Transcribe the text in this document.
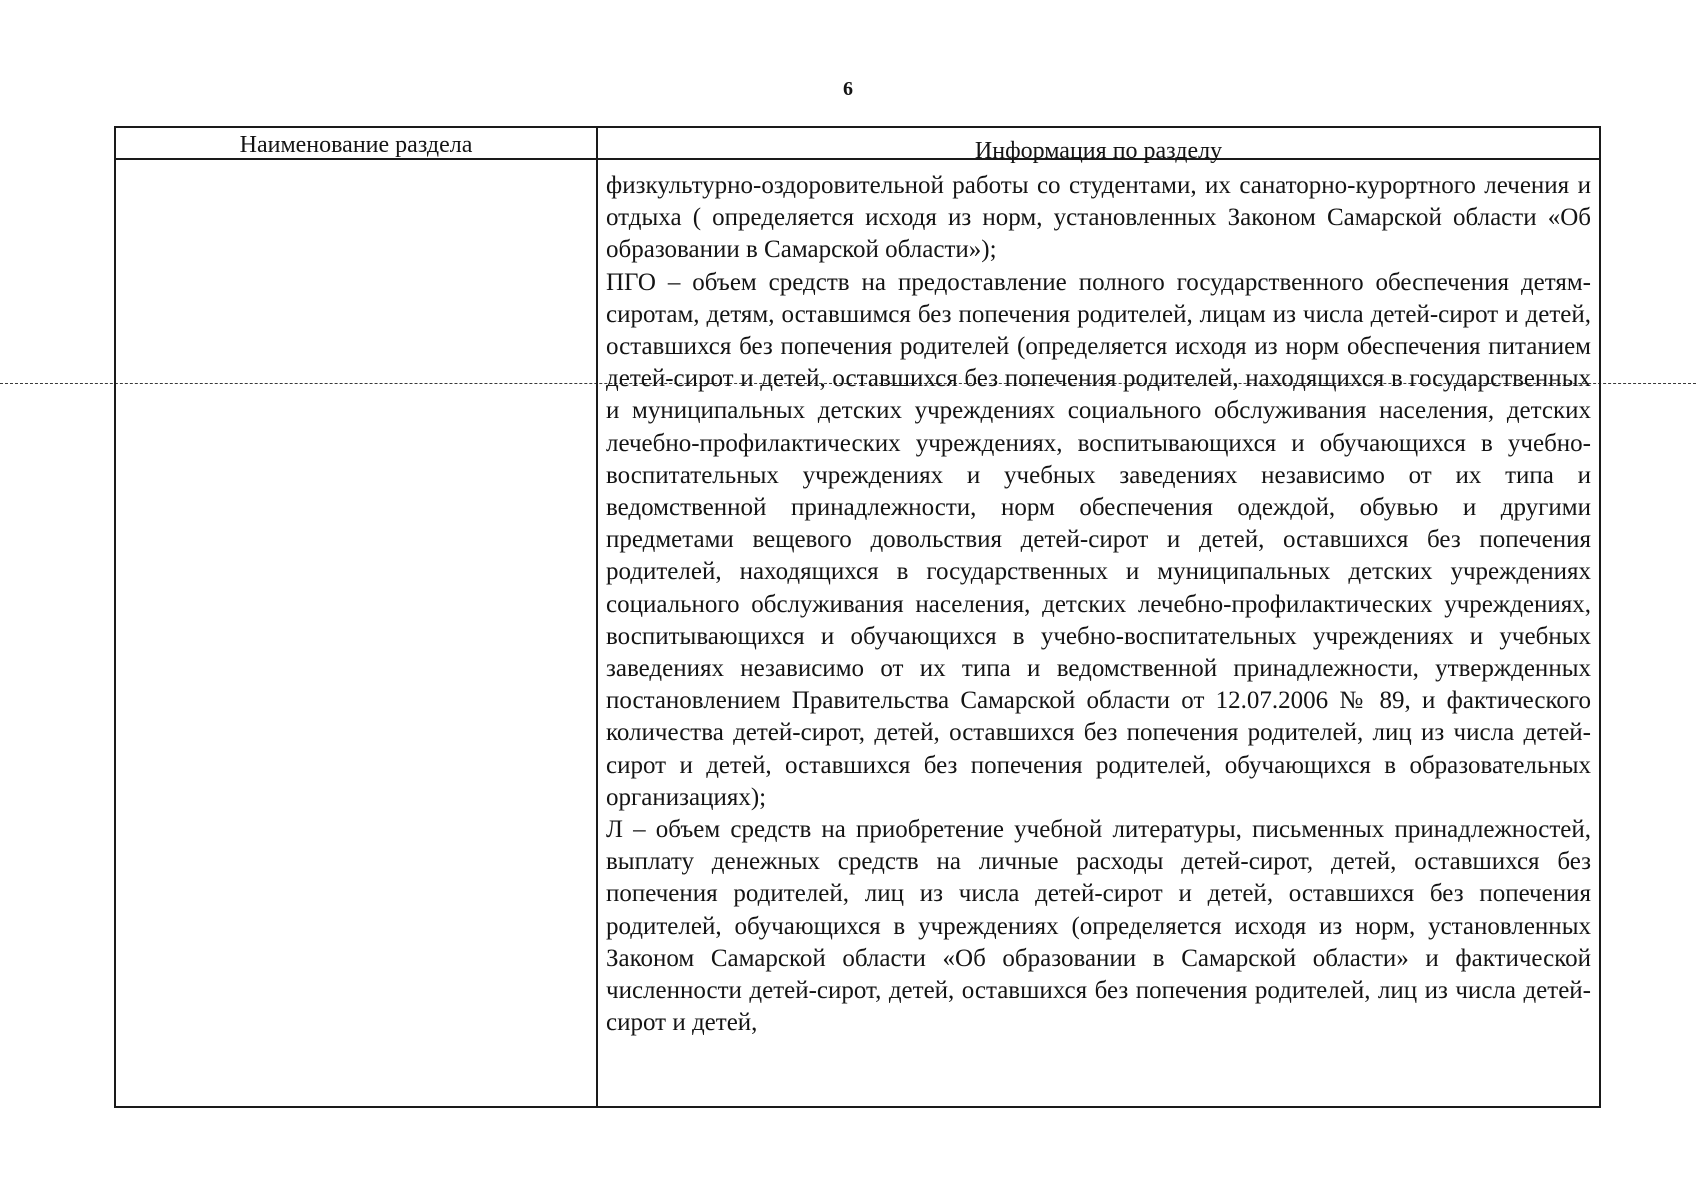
6
Наименование раздела	Информация по разделу

физкультурно-оздоровительной работы со студентами, их санаторно-курортного лечения и отдыха ( определяется исходя из норм, установленных Законом Самарской области «Об образовании в Самарской области»);

ПГО – объем средств на предоставление полного государственного обеспечения детям-сиротам, детям, оставшимся без попечения родителей, лицам из числа детей-сирот и детей, оставшихся без попечения родителей (определяется исходя из норм обеспечения питанием детей-сирот и детей, оставшихся без попечения родителей, находящихся в государственных и муниципальных детских учреждениях социального обслуживания населения, детских лечебно-профилактических учреждениях, воспитывающихся и обучающихся в учебно-воспитательных учреждениях и учебных заведениях независимо от их типа и ведомственной принадлежности, норм обеспечения одеждой, обувью и другими предметами вещевого довольствия детей-сирот и детей, оставшихся без попечения родителей, находящихся в государственных и муниципальных детских учреждениях социального обслуживания населения, детских лечебно-профилактических учреждениях, воспитывающихся и обучающихся в учебно-воспитательных учреждениях и учебных заведениях независимо от их типа и ведомственной принадлежности, утвержденных постановлением Правительства Самарской области от 12.07.2006 № 89, и фактического количества детей-сирот, детей, оставшихся без попечения родителей, лиц из числа детей-сирот и детей, оставшихся без попечения родителей, обучающихся в образовательных организациях);

Л – объем средств на приобретение учебной литературы, письменных принадлежностей, выплату денежных средств на личные расходы детей-сирот, детей, оставшихся без попечения родителей, лиц из числа детей-сирот и детей, оставшихся без попечения родителей, обучающихся в учреждениях (определяется исходя из норм, установленных Законом Самарской области «Об образовании в Самарской области» и фактической численности детей-сирот, детей, оставшихся без попечения родителей, лиц из числа детей-сирот и детей,
